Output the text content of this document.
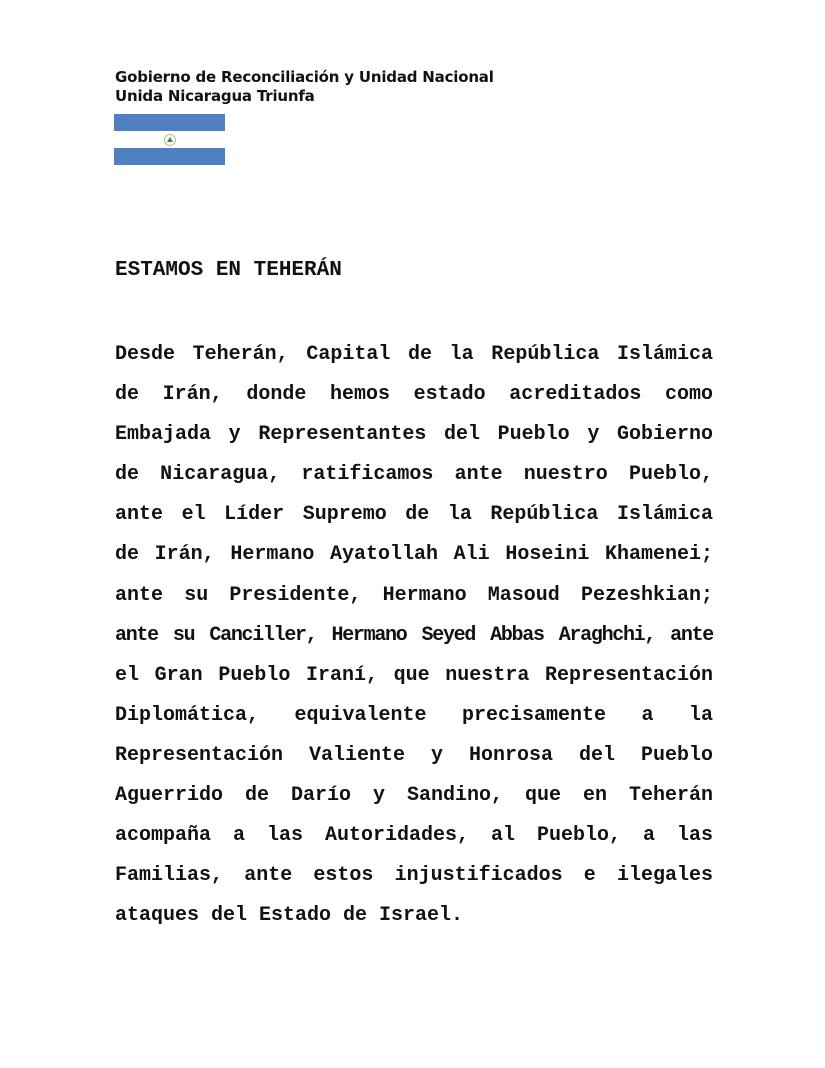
Gobierno de Reconciliación y Unidad Nacional
Unida Nicaragua Triunfa
ESTAMOS EN TEHERÁN
Desde Teherán, Capital de la República Islámica
de Irán, donde hemos estado acreditados como
Embajada y Representantes del Pueblo y Gobierno
de Nicaragua, ratificamos ante nuestro Pueblo,
ante el Líder Supremo de la República Islámica
de Irán, Hermano Ayatollah Ali Hoseini Khamenei;
ante su Presidente, Hermano Masoud Pezeshkian;
ante su Canciller, Hermano Seyed Abbas Araghchi, ante
el Gran Pueblo Iraní, que nuestra Representación
Diplomática, equivalente precisamente a la
Representación Valiente y Honrosa del Pueblo
Aguerrido de Darío y Sandino, que en Teherán
acompaña a las Autoridades, al Pueblo, a las
Familias, ante estos injustificados e ilegales
ataques del Estado de Israel.
